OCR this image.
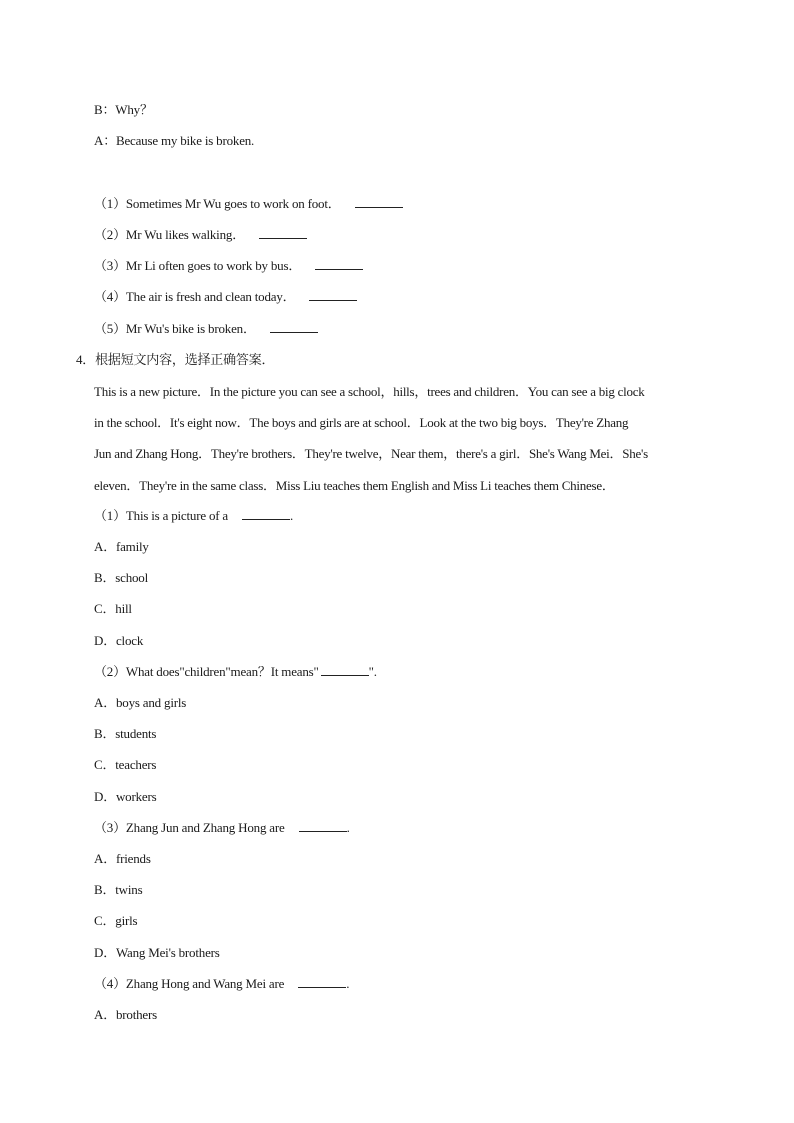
B：Why？
A：Because my bike is broken.
（1）Sometimes Mr Wu goes to work on foot．
（2）Mr Wu likes walking．
（3）Mr Li often goes to work by bus．
（4）The air is fresh and clean today．
（5）Mr Wu's bike is broken．
4．根据短文内容，选择正确答案．
This is a new picture．In the picture you can see a school，hills，trees and children．You can see a big clock
in the school．It's eight now．The boys and girls are at school．Look at the two big boys．They're Zhang
Jun and Zhang Hong．They're brothers．They're twelve，Near them，there's a girl．She's Wang Mei．She's
eleven．They're in the same class．Miss Liu teaches them English and Miss Li teaches them Chinese．
（1）This is a picture of a	.
A．family
B．school
C．hill
D．clock
（2）What does"children"mean？It means"	".
A．boys and girls
B．students
C．teachers
D．workers
（3）Zhang Jun and Zhang Hong are	.
A．friends
B．twins
C．girls
D．Wang Mei's brothers
（4）Zhang Hong and Wang Mei are	.
A．brothers
